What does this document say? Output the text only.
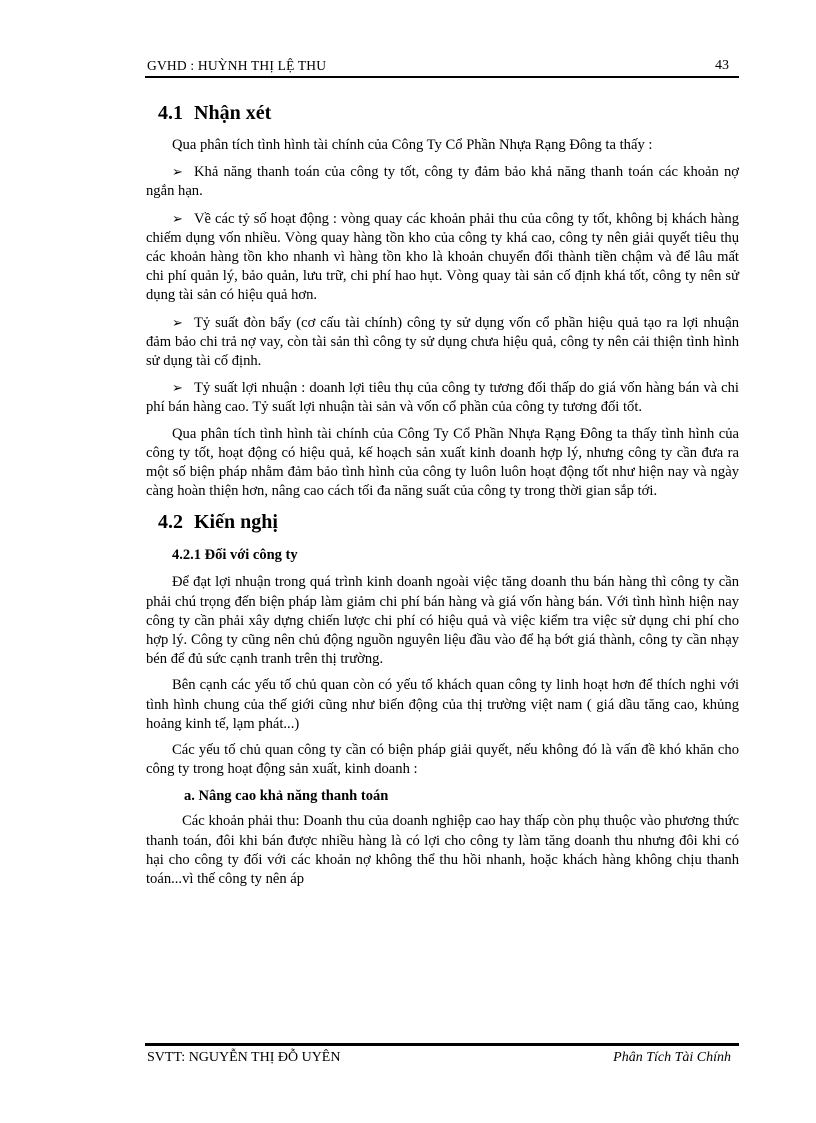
GVHD : HUỲNH THỊ LỆ THU	43
4.1 Nhận xét

Qua phân tích tình hình tài chính của Công Ty Cổ Phần Nhựa Rạng Đông ta thấy :

➢ Khả năng thanh toán của công ty tốt, công ty đảm bảo khả năng thanh toán các khoản nợ ngắn hạn.

➢ Về các tỷ số hoạt động : vòng quay các khoản phải thu của công ty tốt, không bị khách hàng chiếm dụng vốn nhiều. Vòng quay hàng tồn kho của công ty khá cao, công ty nên giải quyết tiêu thụ các khoản hàng tồn kho nhanh vì hàng tồn kho là khoản chuyển đổi thành tiền chậm và để lâu mất chi phí quản lý, bảo quản, lưu trữ, chi phí hao hụt. Vòng quay tài sản cố định khá tốt, công ty nên sử dụng tài sản có hiệu quả hơn.

➢ Tỷ suất đòn bẩy (cơ cấu tài chính) công ty sử dụng vốn cổ phần hiệu quả tạo ra lợi nhuận đảm bảo chi trả nợ vay, còn tài sản thì công ty sử dụng chưa hiệu quả, công ty nên cải thiện tình hình sử dụng tài cố định.

➢ Tỷ suất lợi nhuận : doanh lợi tiêu thụ của công ty tương đối thấp do giá vốn hàng bán và chi phí bán hàng cao. Tỷ suất lợi nhuận tài sản và vốn cổ phần của công ty tương đối tốt.

Qua phân tích tình hình tài chính của Công Ty Cổ Phần Nhựa Rạng Đông ta thấy tình hình của công ty tốt, hoạt động có hiệu quả, kế hoạch sản xuất kinh doanh hợp lý, nhưng công ty cần đưa ra một số biện pháp nhằm đảm bảo tình hình của công ty luôn luôn hoạt động tốt như hiện nay và ngày càng hoàn thiện hơn, nâng cao cách tối đa năng suất của công ty trong thời gian sắp tới.

4.2 Kiến nghị
4.2.1 Đối với công ty

Để đạt lợi nhuận trong quá trình kinh doanh ngoài việc tăng doanh thu bán hàng thì công ty cần phải chú trọng đến biện pháp làm giảm chi phí bán hàng và giá vốn hàng bán. Với tình hình hiện nay công ty cần phải xây dựng chiến lược chi phí có hiệu quả và việc kiểm tra việc sử dụng chi phí cho hợp lý. Công ty cũng nên chủ động nguồn nguyên liệu đầu vào để hạ bớt giá thành, công ty cần nhạy bén để đủ sức cạnh tranh trên thị trường.

Bên cạnh các yếu tố chủ quan còn có yếu tố khách quan công ty linh hoạt hơn để thích nghi với tình hình chung của thế giới cũng như biến động của thị trường việt nam ( giá dầu tăng cao, khủng hoảng kinh tế, lạm phát...)

Các yếu tố chủ quan công ty cần có biện pháp giải quyết, nếu không đó là vấn đề khó khăn cho công ty trong hoạt động sản xuất, kinh doanh :

a. Nâng cao khả năng thanh toán

Các khoản phải thu: Doanh thu của doanh nghiệp cao hay thấp còn phụ thuộc vào phương thức thanh toán, đôi khi bán được nhiều hàng là có lợi cho công ty làm tăng doanh thu nhưng đôi khi có hại cho công ty đối với các khoản nợ không thể thu hồi nhanh, hoặc khách hàng không chịu thanh toán...vì thế công ty nên áp

SVTT: NGUYỄN THỊ ĐỖ UYÊN	Phân Tích Tài Chính
